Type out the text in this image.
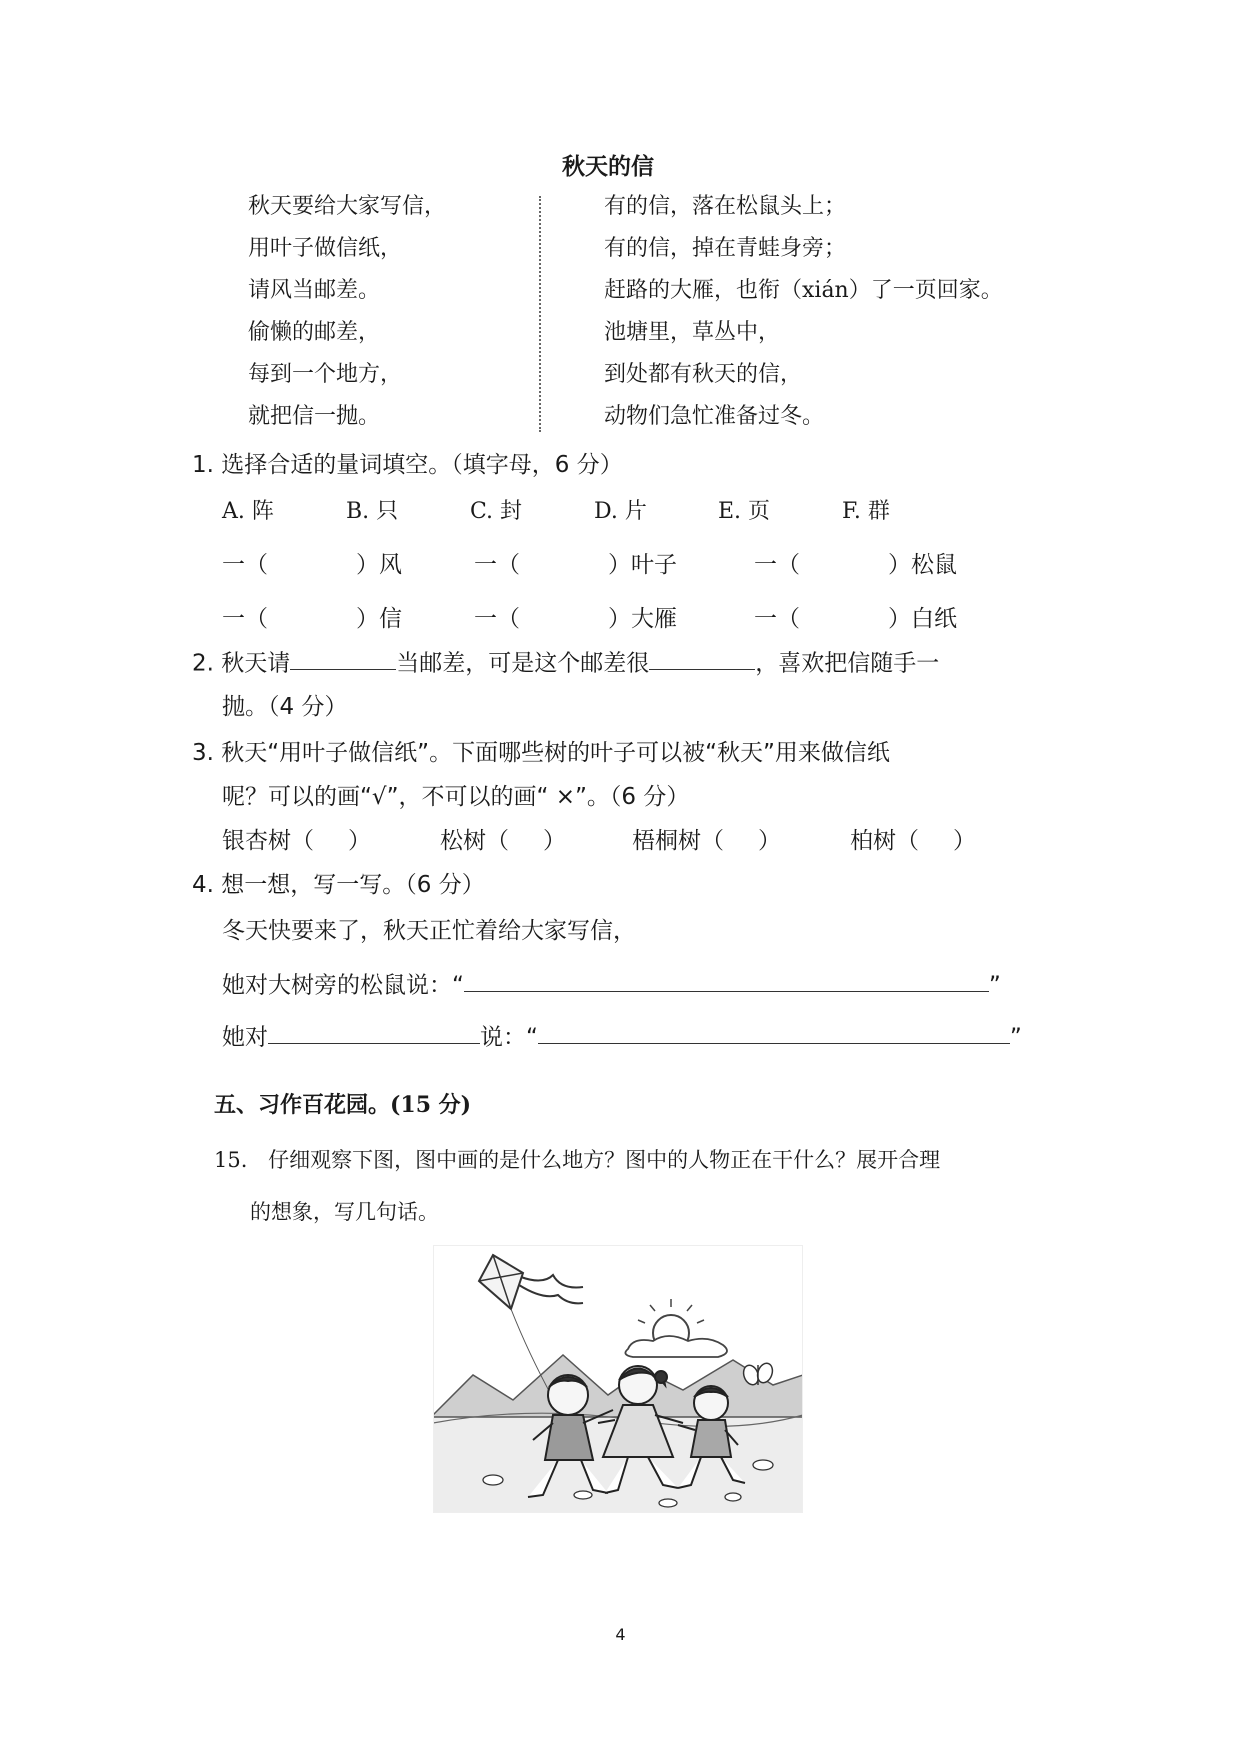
秋天的信
秋天要给大家写信，
用叶子做信纸，
请风当邮差。
偷懒的邮差，
每到一个地方，
就把信一抛。
有的信，落在松鼠头上；
有的信，掉在青蛙身旁；
赶路的大雁，也衔（xián）了一页回家。
池塘里，草丛中，
到处都有秋天的信，
动物们急忙准备过冬。
1. 选择合适的量词填空。（填字母，6 分）
A. 阵	B. 只	C. 封	D. 片	E. 页	F. 群
一（	）风	一（	）叶子	一（	）松鼠
一（	）信	一（	）大雁	一（	）白纸
2. 秋天请	当邮差，可是这个邮差很	，喜欢把信随手一
抛。（4 分）
3. 秋天“用叶子做信纸”。下面哪些树的叶子可以被“秋天”用来做信纸
呢？可以的画“√”，不可以的画“ ×”。（6 分）
银杏树（ ）	松树（ ）	梧桐树（ ）	柏树（ ）
4. 想一想，写一写。（6 分）
冬天快要来了，秋天正忙着给大家写信，
她对大树旁的松鼠说：“	”
她对	说：“	”
五、习作百花园。(15 分)
15. 仔细观察下图，图中画的是什么地方？图中的人物正在干什么？展开合理
的想象，写几句话。
4
